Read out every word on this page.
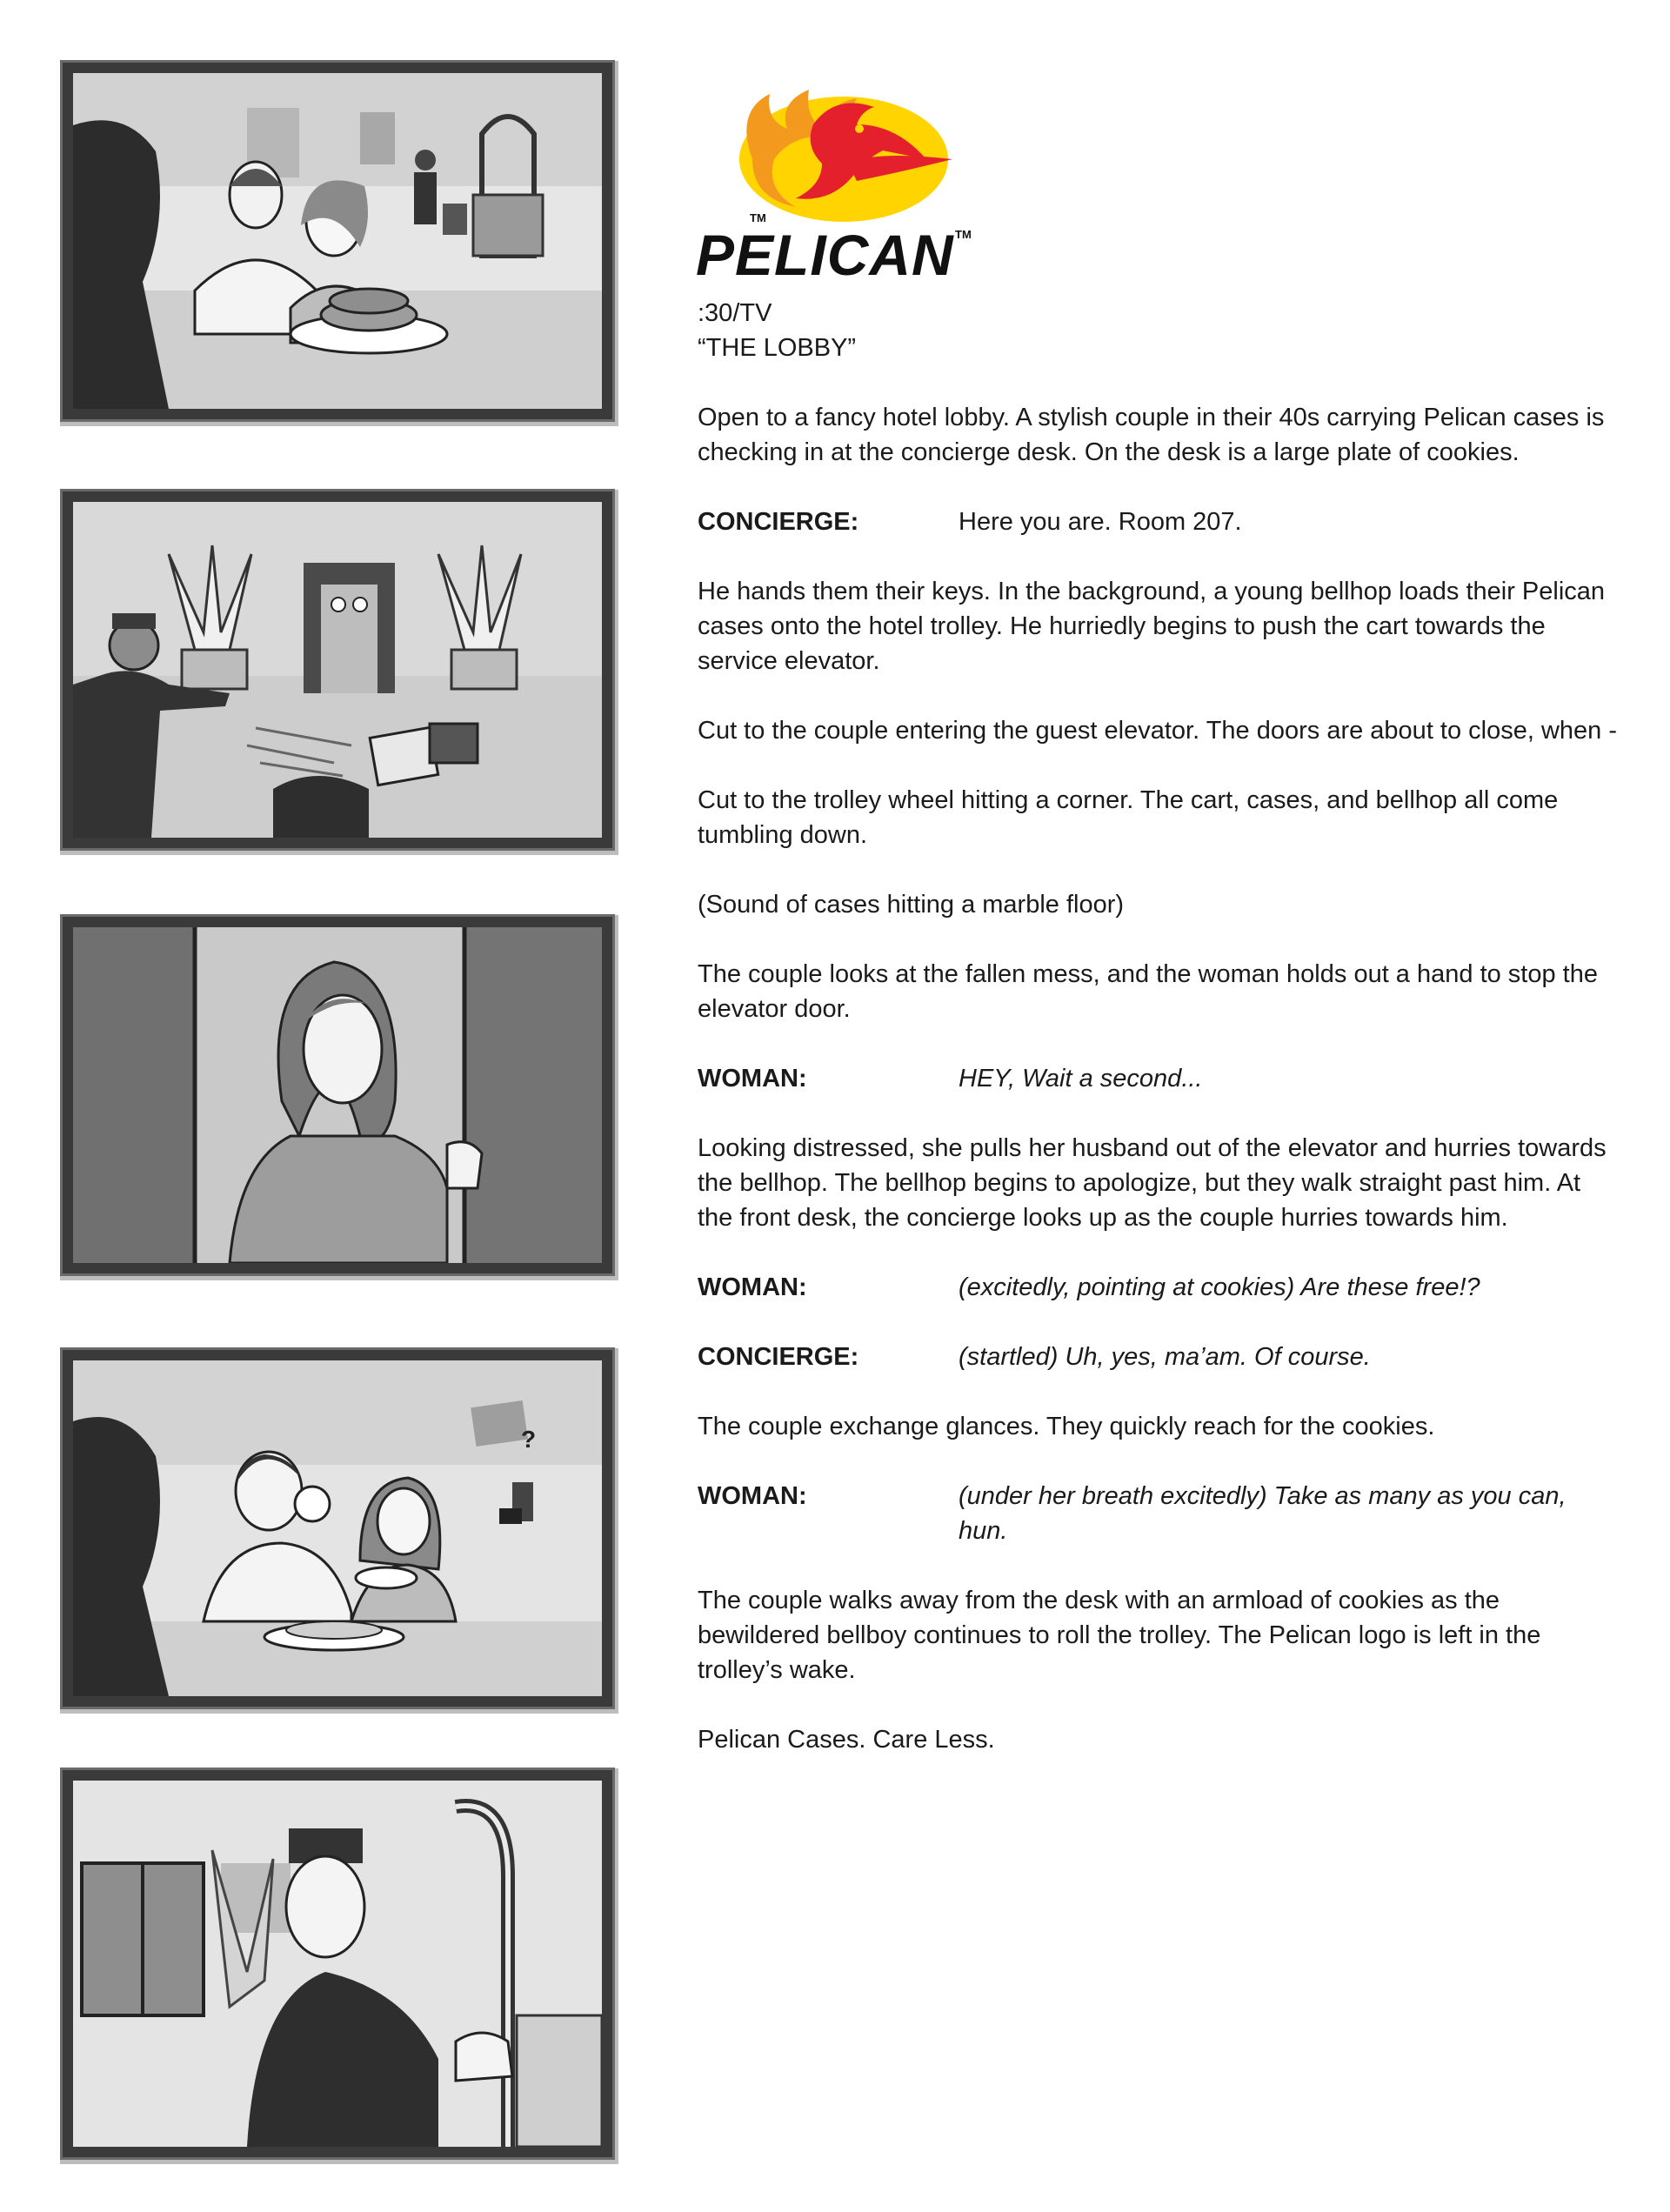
?
PELICAN
TM
TM

:30/TV

“THE LOBBY”

Open to a fancy hotel lobby. A stylish couple in their 40s carrying Pelican cases is checking in at the concierge desk. On the desk is a large plate of cookies.

CONCIERGE:	Here you are. Room 207.

He hands them their keys. In the background, a young bellhop loads their Pelican cases onto the hotel trolley. He hurriedly begins to push the cart towards the service elevator.

Cut to the couple entering the guest elevator. The doors are about to close, when -

Cut to the trolley wheel hitting a corner. The cart, cases, and bellhop all come tumbling down.

(Sound of cases hitting a marble floor)

The couple looks at the fallen mess, and the woman holds out a hand to stop the elevator door.

WOMAN:	HEY, Wait a second...

Looking distressed, she pulls her husband out of the elevator and hurries towards the bellhop. The bellhop begins to apologize, but they walk straight past him. At the front desk, the concierge looks up as the couple hurries towards him.

WOMAN:	(excitedly, pointing at cookies) Are these free!?
CONCIERGE:	(startled) Uh, yes, ma’am. Of course.

The couple exchange glances. They quickly reach for the cookies.

WOMAN:	(under her breath excitedly) Take as many as you can, hun.

The couple walks away from the desk with an armload of cookies as the bewildered bellboy continues to roll the trolley. The Pelican logo is left in the trolley’s wake.

Pelican Cases. Care Less.
